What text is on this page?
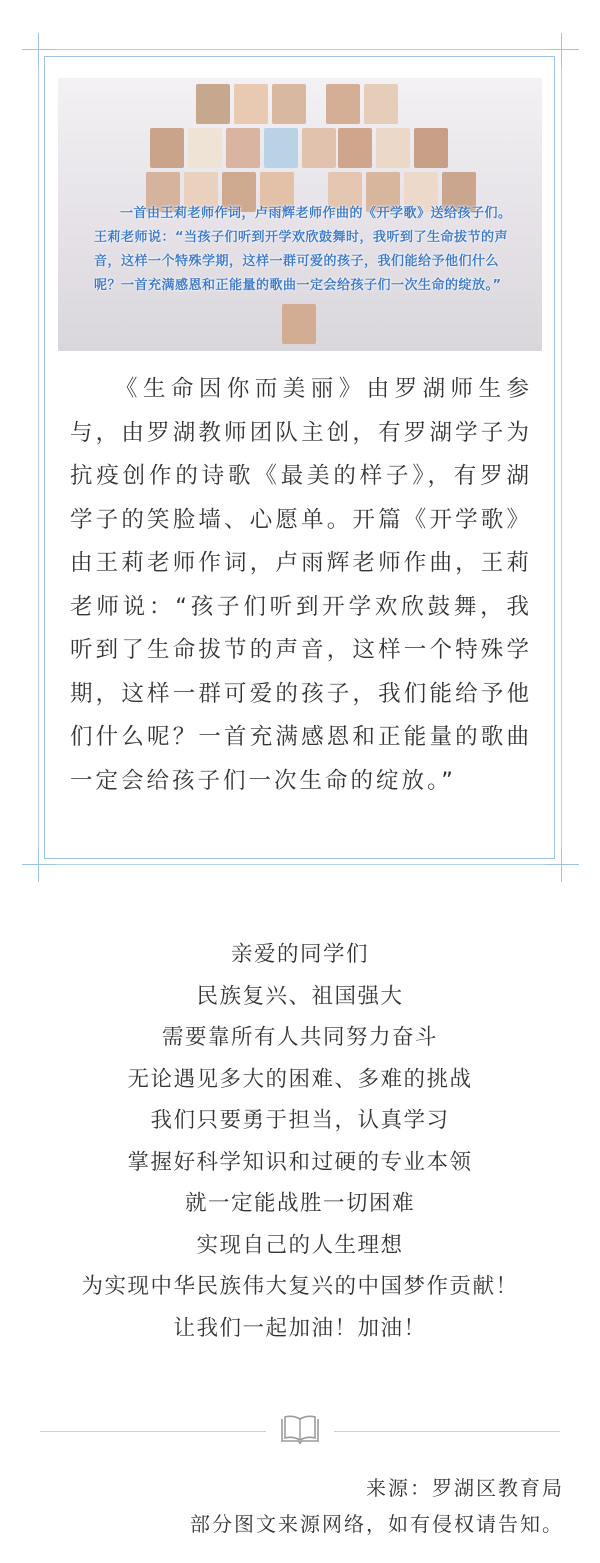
一首由王莉老师作词，卢雨辉老师作曲的《开学歌》送给孩子们。王莉老师说：“当孩子们听到开学欢欣鼓舞时，我听到了生命拔节的声音，这样一个特殊学期，这样一群可爱的孩子，我们能给予他们什么呢？一首充满感恩和正能量的歌曲一定会给孩子们一次生命的绽放。”
《生命因你而美丽》由罗湖师生参与，由罗湖教师团队主创，有罗湖学子为抗疫创作的诗歌《最美的样子》，有罗湖学子的笑脸墙、心愿单。开篇《开学歌》由王莉老师作词，卢雨辉老师作曲，王莉老师说：“孩子们听到开学欢欣鼓舞，我听到了生命拔节的声音，这样一个特殊学期，这样一群可爱的孩子，我们能给予他们什么呢？一首充满感恩和正能量的歌曲一定会给孩子们一次生命的绽放。”
亲爱的同学们
民族复兴、祖国强大
需要靠所有人共同努力奋斗
无论遇见多大的困难、多难的挑战
我们只要勇于担当，认真学习
掌握好科学知识和过硬的专业本领
就一定能战胜一切困难
实现自己的人生理想
为实现中华民族伟大复兴的中国梦作贡献！
让我们一起加油！加油！
来源：罗湖区教育局
部分图文来源网络，如有侵权请告知。
